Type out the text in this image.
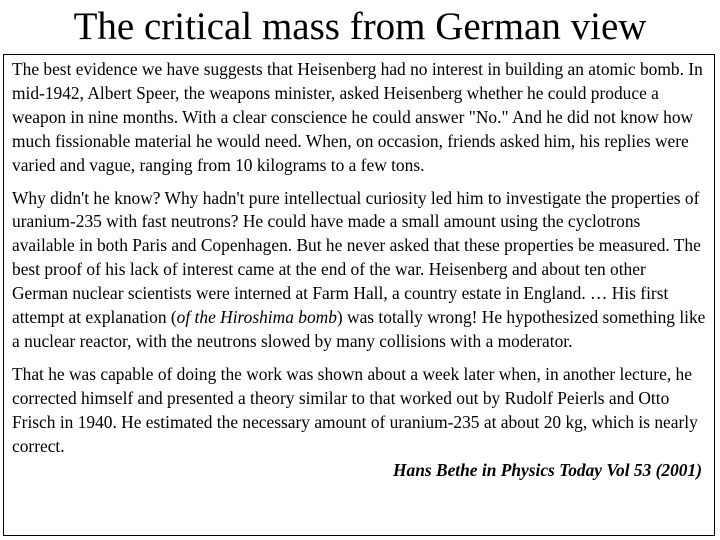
The critical mass from German view

The best evidence we have suggests that Heisenberg had no interest in building an atomic bomb. In mid-1942, Albert Speer, the weapons minister, asked Heisenberg whether he could produce a weapon in nine months. With a clear conscience he could answer "No." And he did not know how much fissionable material he would need. When, on occasion, friends asked him, his replies were varied and vague, ranging from 10 kilograms to a few tons.

Why didn't he know? Why hadn't pure intellectual curiosity led him to investigate the properties of uranium-235 with fast neutrons? He could have made a small amount using the cyclotrons available in both Paris and Copenhagen. But he never asked that these properties be measured. The best proof of his lack of interest came at the end of the war. Heisenberg and about ten other German nuclear scientists were interned at Farm Hall, a country estate in England. … His first attempt at explanation (of the Hiroshima bomb) was totally wrong! He hypothesized something like a nuclear reactor, with the neutrons slowed by many collisions with a moderator.

That he was capable of doing the work was shown about a week later when, in another lecture, he corrected himself and presented a theory similar to that worked out by Rudolf Peierls and Otto Frisch in 1940. He estimated the necessary amount of uranium-235 at about 20 kg, which is nearly correct.

Hans Bethe in Physics Today Vol 53 (2001)
